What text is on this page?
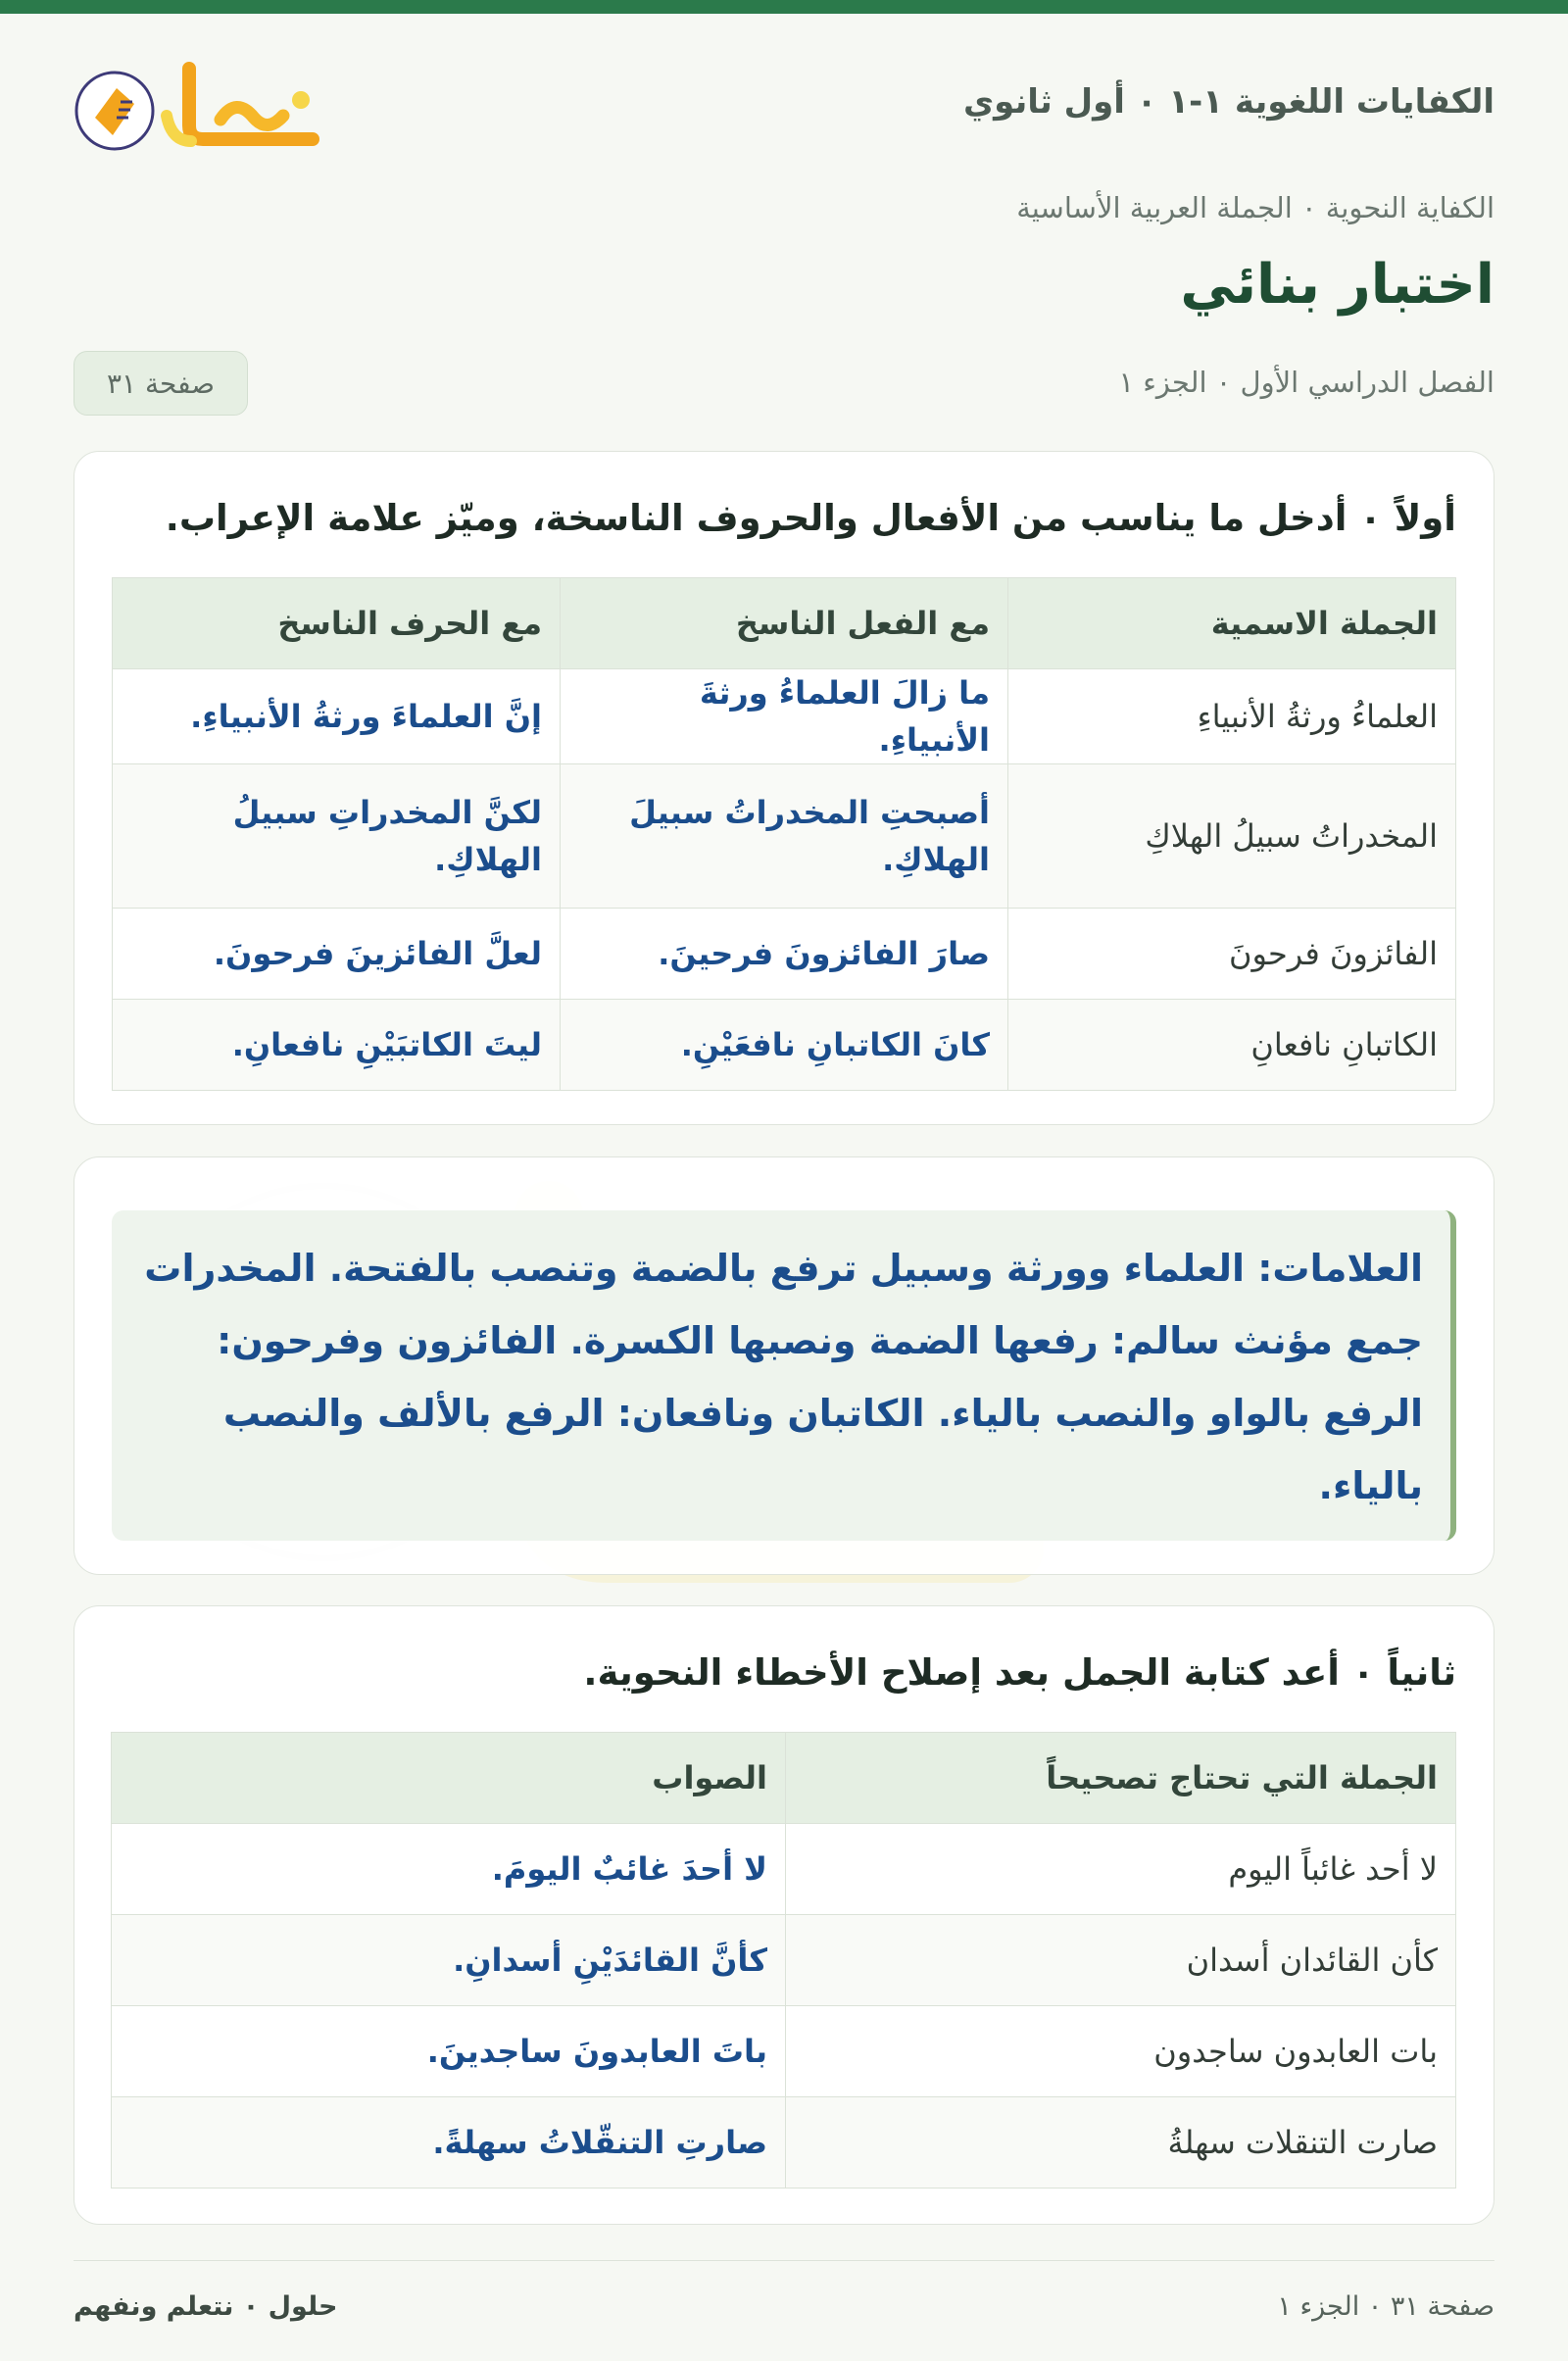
الكفايات اللغوية ١-١ ٠ أول ثانوي
الكفاية النحوية ٠ الجملة العربية الأساسية
اختبار بنائي
الفصل الدراسي الأول ٠ الجزء ١
صفحة ٣١
أولاً ٠ أدخل ما يناسب من الأفعال والحروف الناسخة، وميّز علامة الإعراب.
الجملة الاسمية	مع الفعل الناسخ	مع الحرف الناسخ
العلماءُ ورثةُ الأنبياءِ	ما زالَ العلماءُ ورثةَ الأنبياءِ.	إنَّ العلماءَ ورثةُ الأنبياءِ.
المخدراتُ سبيلُ الهلاكِ	أصبحتِ المخدراتُ سبيلَ الهلاكِ.	لكنَّ المخدراتِ سبيلُ الهلاكِ.
الفائزونَ فرحونَ	صارَ الفائزونَ فرحينَ.	لعلَّ الفائزينَ فرحونَ.
الكاتبانِ نافعانِ	كانَ الكاتبانِ نافعَيْنِ.	ليتَ الكاتبَيْنِ نافعانِ.
العلامات: العلماء وورثة وسبيل ترفع بالضمة وتنصب بالفتحة. المخدرات جمع مؤنث سالم: رفعها الضمة ونصبها الكسرة. الفائزون وفرحون: الرفع بالواو والنصب بالياء. الكاتبان ونافعان: الرفع بالألف والنصب بالياء.
ثانياً ٠ أعد كتابة الجمل بعد إصلاح الأخطاء النحوية.
الجملة التي تحتاج تصحيحاً	الصواب
لا أحد غائباً اليوم	لا أحدَ غائبٌ اليومَ.
كأن القائدان أسدان	كأنَّ القائدَيْنِ أسدانِ.
بات العابدون ساجدون	باتَ العابدونَ ساجدينَ.
صارت التنقلات سهلةُ	صارتِ التنقّلاتُ سهلةً.
صفحة ٣١ ٠ الجزء ١
حلول ٠ نتعلم ونفهم
